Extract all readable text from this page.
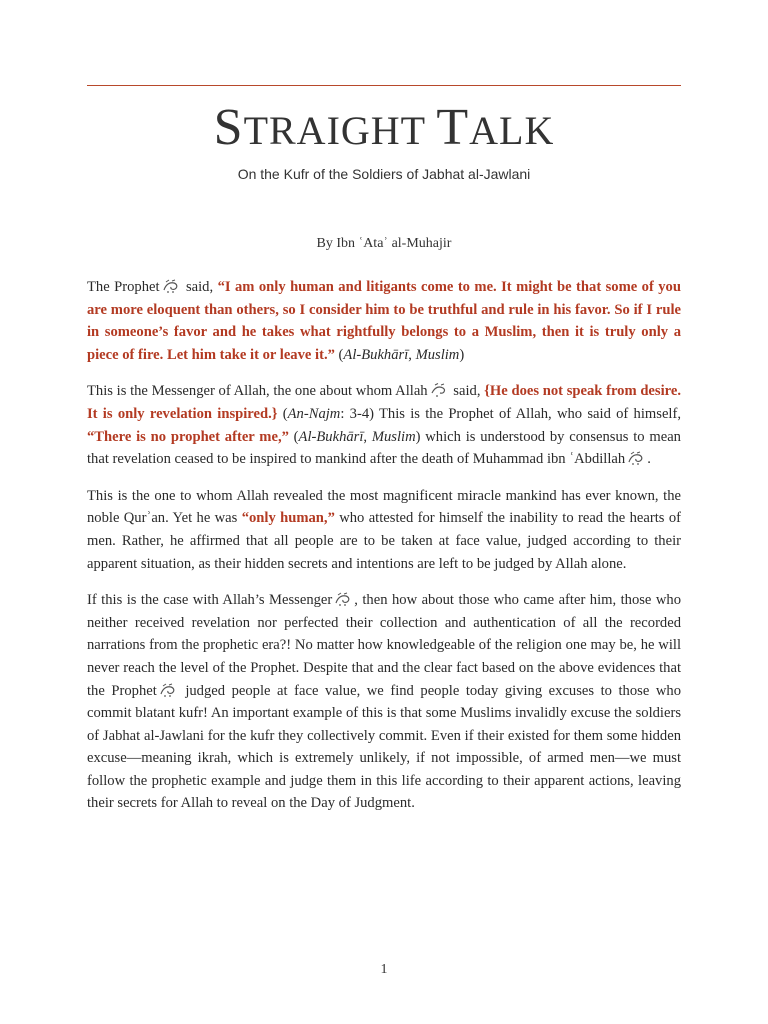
STRAIGHT TALK
On the Kufr of the Soldiers of Jabhat al-Jawlani
By Ibn ʿAtaʾ al-Muhajir

The Prophet said, “I am only human and litigants come to me. It might be that some of you are more eloquent than others, so I consider him to be truthful and rule in his favor. So if I rule in someone’s favor and he takes what rightfully belongs to a Muslim, then it is truly only a piece of fire. Let him take it or leave it.” (Al-Bukhārī, Muslim)

This is the Messenger of Allah, the one about whom Allah said, {He does not speak from desire. It is only revelation inspired.} (An-Najm: 3-4) This is the Prophet of Allah, who said of himself, “There is no prophet after me,” (Al-Bukhārī, Muslim) which is understood by consensus to mean that revelation ceased to be inspired to mankind after the death of Muhammad ibn ʿAbdillah .

This is the one to whom Allah revealed the most magnificent miracle mankind has ever known, the noble Qurʾan. Yet he was “only human,” who attested for himself the inability to read the hearts of men. Rather, he affirmed that all people are to be taken at face value, judged according to their apparent situation, as their hidden secrets and intentions are left to be judged by Allah alone.

If this is the case with Allah’s Messenger , then how about those who came after him, those who neither received revelation nor perfected their collection and authentication of all the recorded narrations from the prophetic era?! No matter how knowledgeable of the religion one may be, he will never reach the level of the Prophet. Despite that and the clear fact based on the above evidences that the Prophet judged people at face value, we find people today giving excuses to those who commit blatant kufr! An important example of this is that some Muslims invalidly excuse the soldiers of Jabhat al-Jawlani for the kufr they collectively commit. Even if their existed for them some hidden excuse—meaning ikrah, which is extremely unlikely, if not impossible, of armed men—we must follow the prophetic example and judge them in this life according to their apparent actions, leaving their secrets for Allah to reveal on the Day of Judgment.

1
